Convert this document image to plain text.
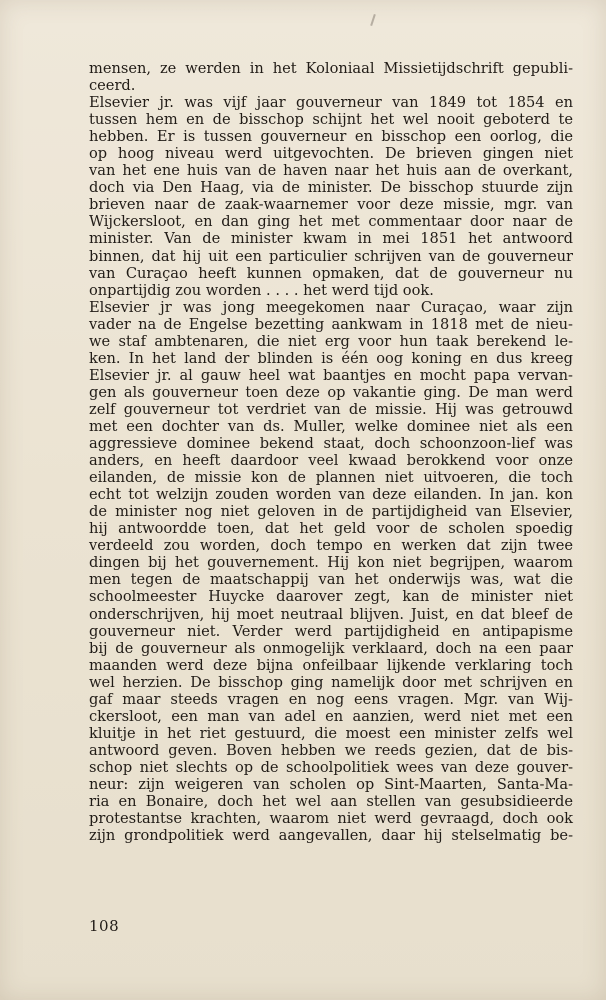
mensen, ze werden in het Koloniaal Missietijdschrift gepubli-
ceerd.
Elsevier jr. was vijf jaar gouverneur van 1849 tot 1854 en
tussen hem en de bisschop schijnt het wel nooit geboterd te
hebben. Er is tussen gouverneur en bisschop een oorlog, die
op hoog niveau werd uitgevochten. De brieven gingen niet
van het ene huis van de haven naar het huis aan de overkant,
doch via Den Haag, via de minister. De bisschop stuurde zijn
brieven naar de zaak-waarnemer voor deze missie, mgr. van
Wijckersloot, en dan ging het met commentaar door naar de
minister. Van de minister kwam in mei 1851 het antwoord
binnen, dat hij uit een particulier schrijven van de gouverneur
van Curaçao heeft kunnen opmaken, dat de gouverneur nu
onpartijdig zou worden . . . . het werd tijd ook.
Elsevier jr was jong meegekomen naar Curaçao, waar zijn
vader na de Engelse bezetting aankwam in 1818 met de nieu-
we staf ambtenaren, die niet erg voor hun taak berekend le-
ken. In het land der blinden is één oog koning en dus kreeg
Elsevier jr. al gauw heel wat baantjes en mocht papa vervan-
gen als gouverneur toen deze op vakantie ging. De man werd
zelf gouverneur tot verdriet van de missie. Hij was getrouwd
met een dochter van ds. Muller, welke dominee niet als een
aggressieve dominee bekend staat, doch schoonzoon-lief was
anders, en heeft daardoor veel kwaad berokkend voor onze
eilanden, de missie kon de plannen niet uitvoeren, die toch
echt tot welzijn zouden worden van deze eilanden. In jan. kon
de minister nog niet geloven in de partijdigheid van Elsevier,
hij antwoordde toen, dat het geld voor de scholen spoedig
verdeeld zou worden, doch tempo en werken dat zijn twee
dingen bij het gouvernement. Hij kon niet begrijpen, waarom
men tegen de maatschappij van het onderwijs was, wat die
schoolmeester Huycke daarover zegt, kan de minister niet
onderschrijven, hij moet neutraal blijven. Juist, en dat bleef de
gouverneur niet. Verder werd partijdigheid en antipapisme
bij de gouverneur als onmogelijk verklaard, doch na een paar
maanden werd deze bijna onfeilbaar lijkende verklaring toch
wel herzien. De bisschop ging namelijk door met schrijven en
gaf maar steeds vragen en nog eens vragen. Mgr. van Wij-
ckersloot, een man van adel en aanzien, werd niet met een
kluitje in het riet gestuurd, die moest een minister zelfs wel
antwoord geven. Boven hebben we reeds gezien, dat de bis-
schop niet slechts op de schoolpolitiek wees van deze gouver-
neur: zijn weigeren van scholen op Sint-Maarten, Santa-Ma-
ria en Bonaire, doch het wel aan stellen van gesubsidieerde
protestantse krachten, waarom niet werd gevraagd, doch ook
zijn grondpolitiek werd aangevallen, daar hij stelselmatig be-
108
